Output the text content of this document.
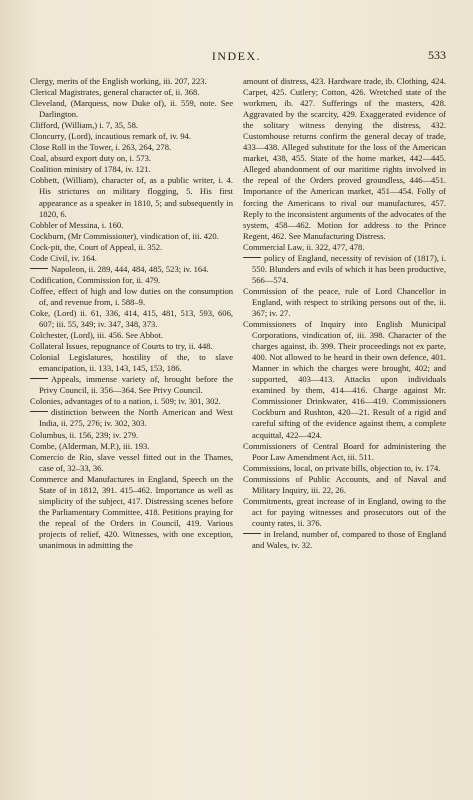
INDEX.	533

Clergy, merits of the English working, iii. 207, 223.

Clerical Magistrates, general character of, ii. 368.

Cleveland, (Marquess, now Duke of), ii. 559, note. See Darlington.

Clifford, (William,) i. 7, 35, 58.

Cloncurry, (Lord), incautious remark of, iv. 94.

Close Roll in the Tower, i. 263, 264, 278.

Coal, absurd export duty on, i. 573.

Coalition ministry of 1784, iv. 121.

Cobbett, (William), character of, as a public writer, i. 4. His strictures on military flogging, 5. His first appearance as a speaker in 1810, 5; and subsequently in 1820, 6.

Cobbler of Messina, i. 160.

Cockburn, (Mr Commissioner), vindication of, iii. 420.

Cock-pit, the, Court of Appeal, ii. 352.

Code Civil, iv. 164.

Napoleon, ii. 289, 444, 484, 485, 523; iv. 164.

Codification, Commission for, ii. 479.

Coffee, effect of high and low duties on the consumption of, and revenue from, i. 588–9.

Coke, (Lord) ii. 61, 336, 414, 415, 481, 513, 593, 606, 607; iii. 55, 349; iv. 347, 348, 373.

Colchester, (Lord), iii. 456. See Abbot.

Collateral Issues, repugnance of Courts to try, ii. 448.

Colonial Legislatures, hostility of the, to slave emancipation, ii. 133, 143, 145, 153, 186.

Appeals, immense variety of, brought before the Privy Council, ii. 356—364. See Privy Council.

Colonies, advantages of to a nation, i. 509; iv. 301, 302.

distinction between the North American and West India, ii. 275, 276; iv. 302, 303.

Columbus, ii. 156, 239; iv. 279.

Combe, (Alderman, M.P.), iii. 193.

Comercio de Rio, slave vessel fitted out in the Thames, case of, 32–33, 36.

Commerce and Manufactures in England, Speech on the State of in 1812, 391. 415–462. Importance as well as simplicity of the subject, 417. Distressing scenes before the Parliamentary Committee, 418. Petitions praying for the repeal of the Orders in Council, 419. Various projects of relief, 420. Witnesses, with one exception, unanimous in admitting the

amount of distress, 423. Hardware trade, ib. Clothing, 424. Carpet, 425. Cutlery; Cotton, 426. Wretched state of the workmen, ib. 427. Sufferings of the masters, 428. Aggravated by the scarcity, 429. Exaggerated evidence of the solitary witness denying the distress, 432. Customhouse returns confirm the general decay of trade, 433—438. Alleged substitute for the loss of the American market, 438, 455. State of the home market, 442—445. Alleged abandonment of our maritime rights involved in the repeal of the Orders proved groundless, 446—451. Importance of the American market, 451—454. Folly of forcing the Americans to rival our manufactures, 457. Reply to the inconsistent arguments of the advocates of the system, 458—462. Motion for address to the Prince Regent, 462. See Manufacturing Distress.

Commercial Law, ii. 322, 477, 478.

policy of England, necessity of revision of (1817), i. 550. Blunders and evils of which it has been productive, 566—574.

Commission of the peace, rule of Lord Chancellor in England, with respect to striking persons out of the, ii. 367; iv. 27.

Commissioners of Inquiry into English Municipal Corporations, vindication of, iii. 398. Character of the charges against, ib. 399. Their proceedings not ex parte, 400. Not allowed to be heard in their own defence, 401. Manner in which the charges were brought, 402; and supported, 403—413. Attacks upon individuals examined by them, 414—416. Charge against Mr. Commissioner Drinkwater, 416—419. Commissioners Cockburn and Rushton, 420—21. Result of a rigid and careful sifting of the evidence against them, a complete acquittal, 422—424.

Commissioners of Central Board for administering the Poor Law Amendment Act, iii. 511.

Commissions, local, on private bills, objection to, iv. 174.

Commissions of Public Accounts, and of Naval and Military Inquiry, iii. 22, 26.

Commitments, great increase of in England, owing to the act for paying witnesses and prosecutors out of the county rates, ii. 376.

in Ireland, number of, compared to those of England and Wales, iv. 32.
